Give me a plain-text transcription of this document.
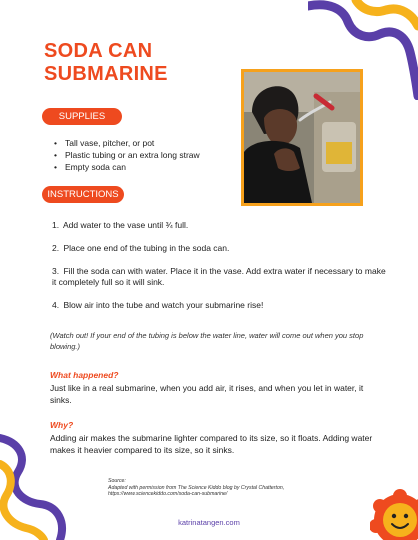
SODA CAN
SUBMARINE
SUPPLIES
• Tall vase, pitcher, or pot
• Plastic tubing or an extra long straw
• Empty soda can
INSTRUCTIONS
1. Add water to the vase until ¾ full.
2. Place one end of the tubing in the soda can.
3. Fill the soda can with water. Place it in the vase. Add extra water if necessary to make it completely full so it will sink.
4. Blow air into the tube and watch your submarine rise!
(Watch out! If your end of the tubing is below the water line, water will come out when you stop blowing.)
What happened?
Just like in a real submarine, when you add air, it rises, and when you let in water, it sinks.
Why?
Adding air makes the submarine lighter compared to its size, so it floats. Adding water makes it heavier compared to its size, so it sinks.
Source:
Adapted with permission from The Science Kiddo blog by Crystal Chatterton,
https://www.sciencekiddo.com/soda-can-submarine/
katrinatangen.com
